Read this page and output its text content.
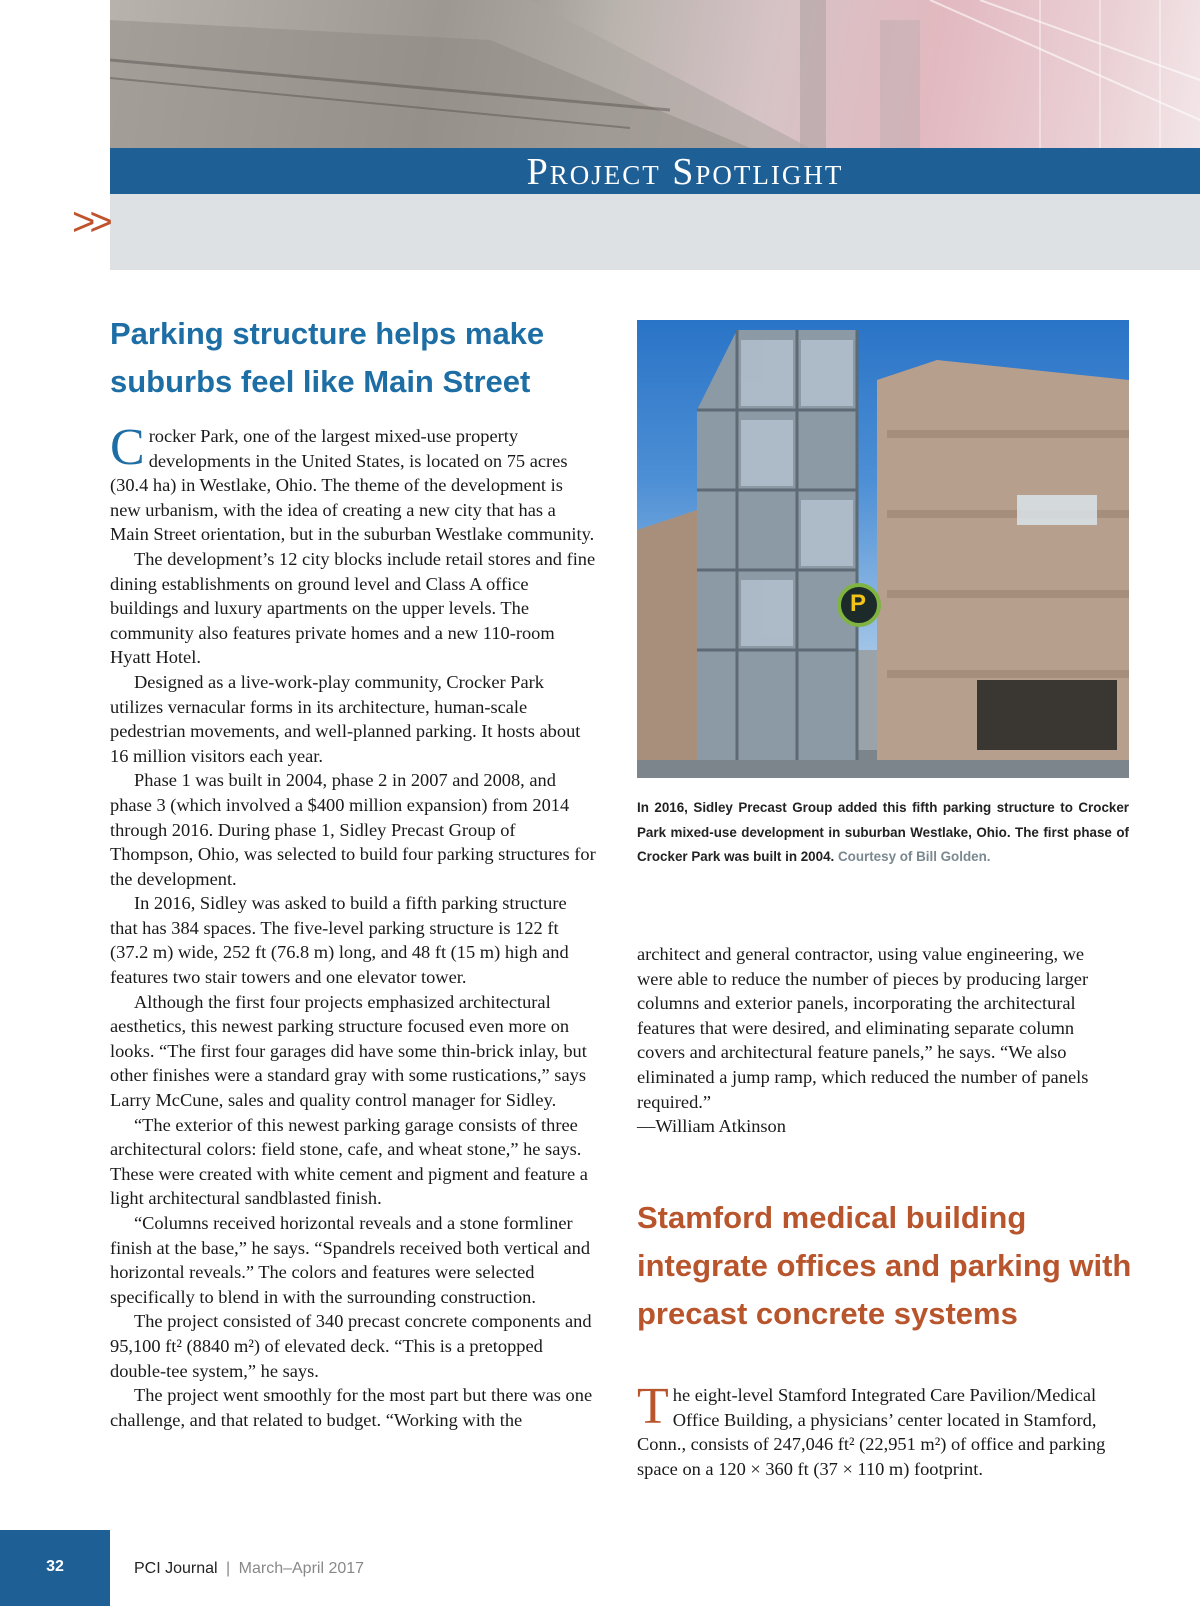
Project Spotlight
>>
Parking structure helps make suburbs feel like Main Street

Crocker Park, one of the largest mixed-use property developments in the United States, is located on 75 acres (30.4 ha) in Westlake, Ohio. The theme of the development is new urbanism, with the idea of creating a new city that has a Main Street orientation, but in the suburban Westlake community.

The development’s 12 city blocks include retail stores and fine dining establishments on ground level and Class A office buildings and luxury apartments on the upper levels. The community also features private homes and a new 110-room Hyatt Hotel.

Designed as a live-work-play community, Crocker Park utilizes vernacular forms in its architecture, human-scale pedestrian movements, and well-planned parking. It hosts about 16 million visitors each year.

Phase 1 was built in 2004, phase 2 in 2007 and 2008, and phase 3 (which involved a $400 million expansion) from 2014 through 2016. During phase 1, Sidley Precast Group of Thompson, Ohio, was selected to build four parking structures for the development.

In 2016, Sidley was asked to build a fifth parking structure that has 384 spaces. The five-level parking structure is 122 ft (37.2 m) wide, 252 ft (76.8 m) long, and 48 ft (15 m) high and features two stair towers and one elevator tower.

Although the first four projects emphasized architectural aesthetics, this newest parking structure focused even more on looks. “The first four garages did have some thin-brick inlay, but other finishes were a standard gray with some rustications,” says Larry McCune, sales and quality control manager for Sidley.

“The exterior of this newest parking garage consists of three architectural colors: field stone, cafe, and wheat stone,” he says. These were created with white cement and pigment and feature a light architectural sandblasted finish.

“Columns received horizontal reveals and a stone formliner finish at the base,” he says. “Spandrels received both vertical and horizontal reveals.” The colors and features were selected specifically to blend in with the surrounding construction.

The project consisted of 340 precast concrete components and 95,100 ft² (8840 m²) of elevated deck. “This is a pretopped double-tee system,” he says.

The project went smoothly for the most part but there was one challenge, and that related to budget. “Working with the

P
In 2016, Sidley Precast Group added this fifth parking structure to Crocker Park mixed-use development in suburban Westlake, Ohio. The first phase of Crocker Park was built in 2004. Courtesy of Bill Golden.

architect and general contractor, using value engineering, we were able to reduce the number of pieces by producing larger columns and exterior panels, incorporating the architectural features that were desired, and eliminating separate column covers and architectural feature panels,” he says. “We also eliminated a jump ramp, which reduced the number of panels required.”

—William Atkinson

Stamford medical building integrate offices and parking with precast concrete systems

The eight-level Stamford Integrated Care Pavilion/Medical Office Building, a physicians’ center located in Stamford, Conn., consists of 247,046 ft² (22,951 m²) of office and parking space on a 120 × 360 ft (37 × 110 m) footprint.

32	PCI Journal | March–April 2017
